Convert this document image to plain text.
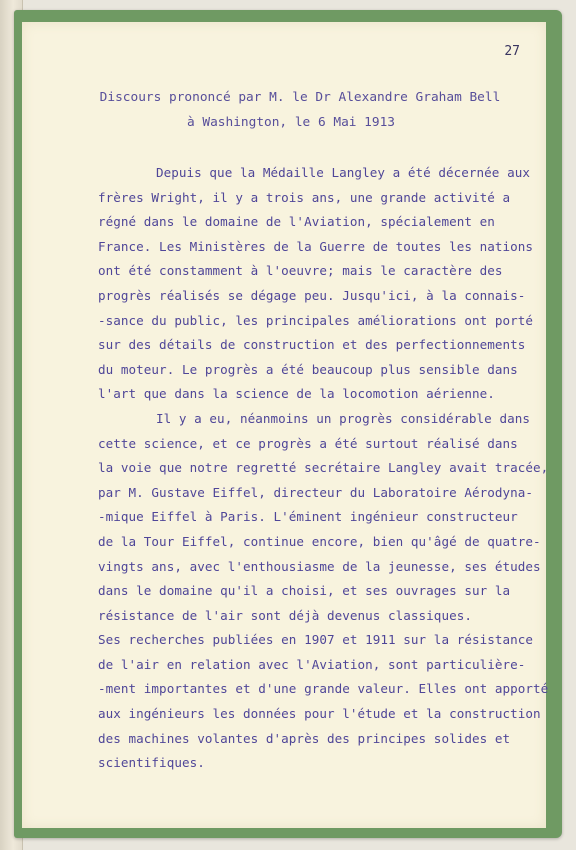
27
Discours prononcé par M. le Dr Alexandre Graham Bell
à Washington, le 6 Mai 1913
Depuis que la Médaille Langley a été décernée aux
frères Wright, il y a trois ans, une grande activité a
régné dans le domaine de l'Aviation, spécialement en
France. Les Ministères de la Guerre de toutes les nations
ont été constamment à l'oeuvre; mais le caractère des
progrès réalisés se dégage peu. Jusqu'ici, à la connais-
-sance du public, les principales améliorations ont porté
sur des détails de construction et des perfectionnements
du moteur. Le progrès a été beaucoup plus sensible dans
l'art que dans la science de la locomotion aérienne.
Il y a eu, néanmoins un progrès considérable dans
cette science, et ce progrès a été surtout réalisé dans
la voie que notre regretté secrétaire Langley avait tracée,
par M. Gustave Eiffel, directeur du Laboratoire Aérodyna-
-mique Eiffel à Paris. L'éminent ingénieur constructeur
de la Tour Eiffel, continue encore, bien qu'âgé de quatre-
vingts ans, avec l'enthousiasme de la jeunesse, ses études
dans le domaine qu'il a choisi, et ses ouvrages sur la
résistance de l'air sont déjà devenus classiques.
Ses recherches publiées en 1907 et 1911 sur la résistance
de l'air en relation avec l'Aviation, sont particulière-
-ment importantes et d'une grande valeur. Elles ont apporté
aux ingénieurs les données pour l'étude et la construction
des machines volantes d'après des principes solides et
scientifiques.
